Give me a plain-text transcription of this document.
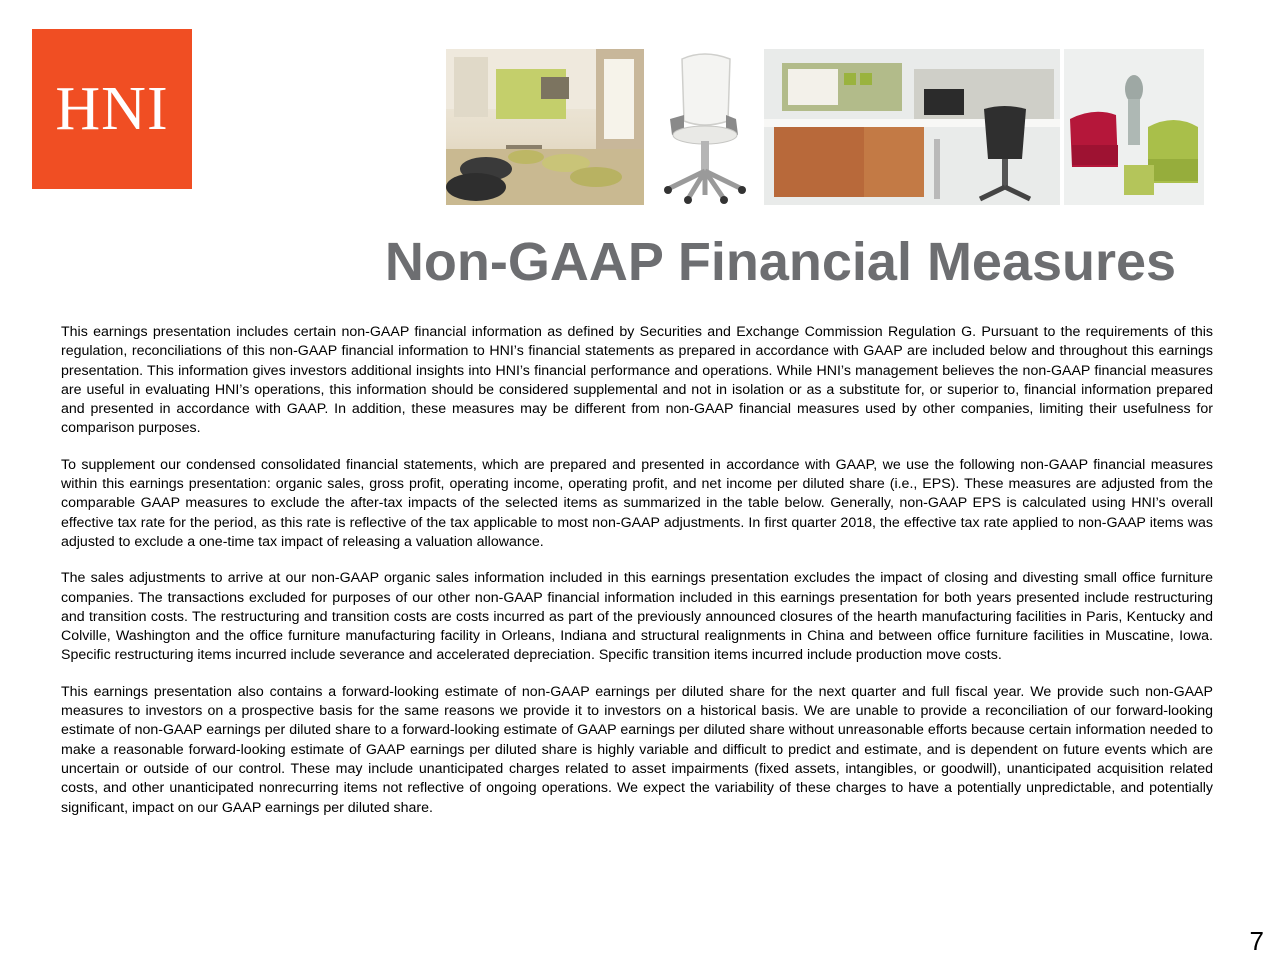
HNI
Non-GAAP Financial Measures

This earnings presentation includes certain non-GAAP financial information as defined by Securities and Exchange Commission Regulation G. Pursuant to the requirements of this regulation, reconciliations of this non-GAAP financial information to HNI’s financial statements as prepared in accordance with GAAP are included below and throughout this earnings presentation. This information gives investors additional insights into HNI’s financial performance and operations. While HNI’s management believes the non-GAAP financial measures are useful in evaluating HNI’s operations, this information should be considered supplemental and not in isolation or as a substitute for, or superior to, financial information prepared and presented in accordance with GAAP. In addition, these measures may be different from non-GAAP financial measures used by other companies, limiting their usefulness for comparison purposes.

To supplement our condensed consolidated financial statements, which are prepared and presented in accordance with GAAP, we use the following non-GAAP financial measures within this earnings presentation: organic sales, gross profit, operating income, operating profit, and net income per diluted share (i.e., EPS). These measures are adjusted from the comparable GAAP measures to exclude the after-tax impacts of the selected items as summarized in the table below. Generally, non-GAAP EPS is calculated using HNI’s overall effective tax rate for the period, as this rate is reflective of the tax applicable to most non-GAAP adjustments. In first quarter 2018, the effective tax rate applied to non-GAAP items was adjusted to exclude a one-time tax impact of releasing a valuation allowance.

The sales adjustments to arrive at our non-GAAP organic sales information included in this earnings presentation excludes the impact of closing and divesting small office furniture companies. The transactions excluded for purposes of our other non-GAAP financial information included in this earnings presentation for both years presented include restructuring and transition costs. The restructuring and transition costs are costs incurred as part of the previously announced closures of the hearth manufacturing facilities in Paris, Kentucky and Colville, Washington and the office furniture manufacturing facility in Orleans, Indiana and structural realignments in China and between office furniture facilities in Muscatine, Iowa. Specific restructuring items incurred include severance and accelerated depreciation. Specific transition items incurred include production move costs.

This earnings presentation also contains a forward-looking estimate of non-GAAP earnings per diluted share for the next quarter and full fiscal year. We provide such non-GAAP measures to investors on a prospective basis for the same reasons we provide it to investors on a historical basis. We are unable to provide a reconciliation of our forward-looking estimate of non-GAAP earnings per diluted share to a forward-looking estimate of GAAP earnings per diluted share without unreasonable efforts because certain information needed to make a reasonable forward-looking estimate of GAAP earnings per diluted share is highly variable and difficult to predict and estimate, and is dependent on future events which are uncertain or outside of our control. These may include unanticipated charges related to asset impairments (fixed assets, intangibles, or goodwill), unanticipated acquisition related costs, and other unanticipated nonrecurring items not reflective of ongoing operations. We expect the variability of these charges to have a potentially unpredictable, and potentially significant, impact on our GAAP earnings per diluted share.

7
